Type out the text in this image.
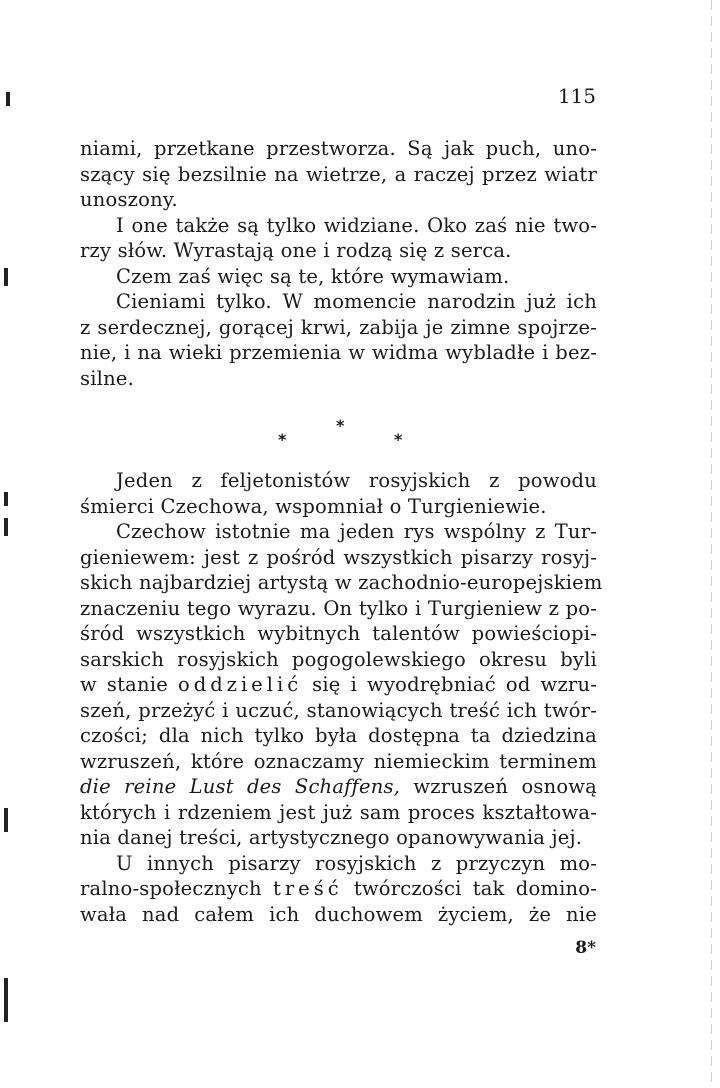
115
niami, przetkane przestworza. Są jak puch, uno-
szący się bezsilnie na wietrze, a raczej przez wiatr
unoszony.
I one także są tylko widziane. Oko zaś nie two-
rzy słów. Wyrastają one i rodzą się z serca.
Czem zaś więc są te, które wymawiam.
Cieniami tylko. W momencie narodzin już ich
z serdecznej, gorącej krwi, zabija je zimne spojrze-
nie, i na wieki przemienia w widma wybladłe i bez-
silne.
*
*	*
Jeden z feljetonistów rosyjskich z powodu
śmierci Czechowa, wspomniał o Turgieniewie.
Czechow istotnie ma jeden rys wspólny z Tur-
gieniewem: jest z pośród wszystkich pisarzy rosyj-
skich najbardziej artystą w zachodnio-europejskiem
znaczeniu tego wyrazu. On tylko i Turgieniew z po-
śród wszystkich wybitnych talentów powieściopi-
sarskich rosyjskich pogogolewskiego okresu byli
w stanie oddzielić się i wyodrębniać od wzru-
szeń, przeżyć i uczuć, stanowiących treść ich twór-
czości; dla nich tylko była dostępna ta dziedzina
wzruszeń, które oznaczamy niemieckim terminem
die reine Lust des Schaffens, wzruszeń osnową
których i rdzeniem jest już sam proces kształtowa-
nia danej treści, artystycznego opanowywania jej.
U innych pisarzy rosyjskich z przyczyn mo-
ralno-społecznych treść twórczości tak domino-
wała nad całem ich duchowem życiem, że nie
8*
